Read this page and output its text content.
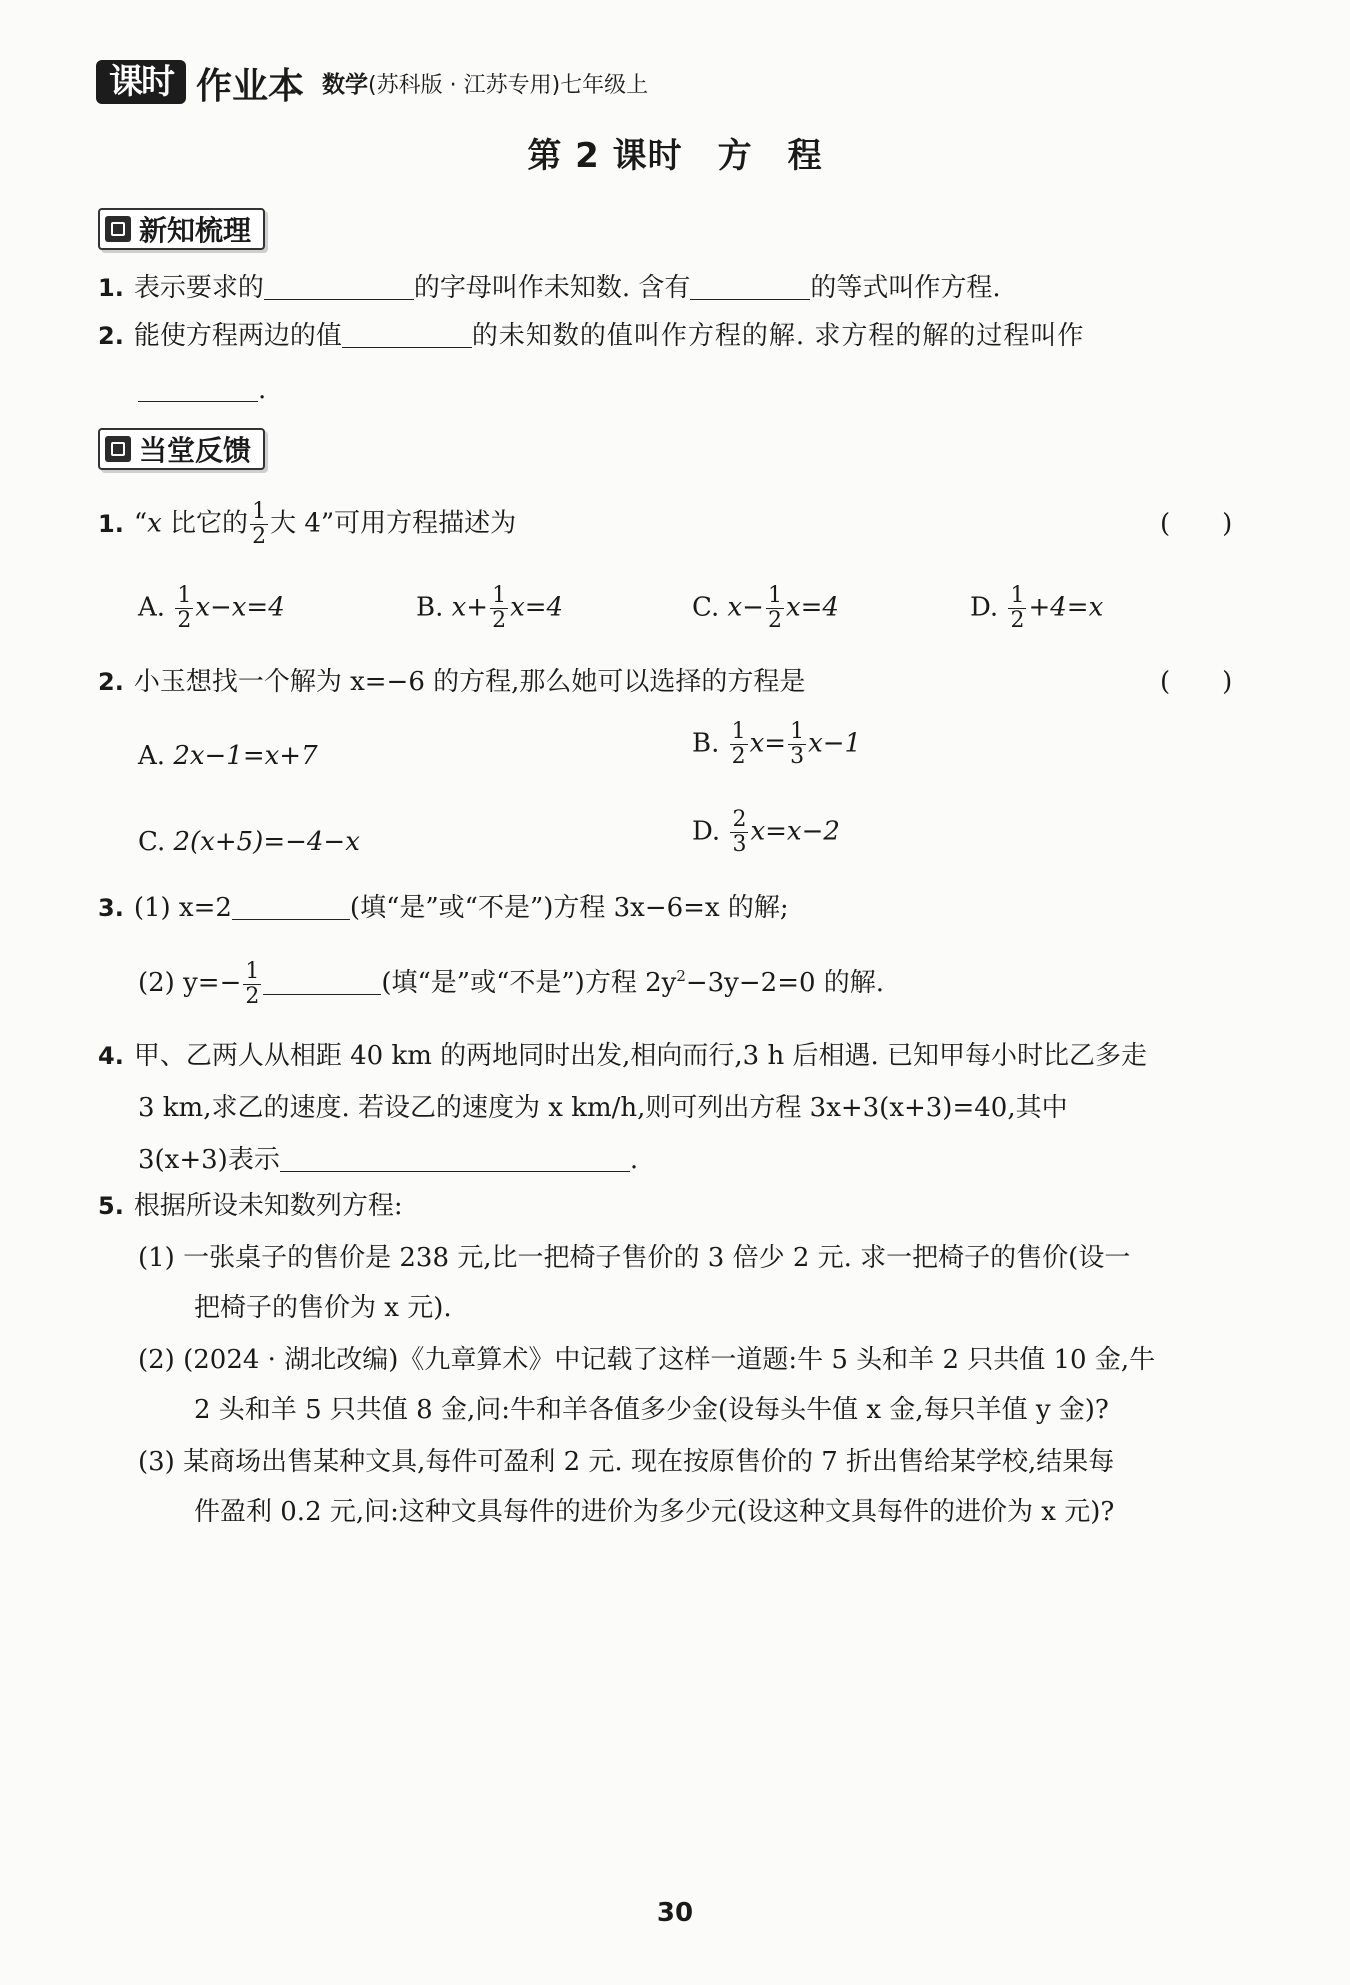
课时 作业本 数学(苏科版 · 江苏专用)七年级上
第 2 课时　方　程
新知梳理
1. 表示要求的	的字母叫作未知数. 含有	的等式叫作方程.
2. 能使方程两边的值	的未知数的值叫作方程的解. 求方程的解的过程叫作
.
当堂反馈
1. “x 比它的 $\frac{1}{2}$ 大 4”可用方程描述为	(　　)
A. $\frac{1}{2} x-x=4$	B. $x+ \frac{1}{2} x=4$	C. $x- \frac{1}{2} x=4$	D. $\frac{1}{2} +4=x$
2. 小玉想找一个解为 x=−6 的方程,那么她可以选择的方程是	(　　)
A. 2x−1=x+7	B. $\frac{1}{2} x= \frac{1}{3} x-1$
C. 2(x+5)=−4−x	D. $\frac{2}{3} x=x-2$
3. (1) x=2	(填“是”或“不是”)方程 3x−6=x 的解;
(2) $y=- \frac{1}{2}$	(填“是”或“不是”)方程 $2y^2-3y-2=0$ 的解.
4. 甲、乙两人从相距 40 km 的两地同时出发,相向而行,3 h 后相遇. 已知甲每小时比乙多走
3 km,求乙的速度. 若设乙的速度为 x km/h,则可列出方程 3x+3(x+3)=40,其中
3(x+3)表示	.
5. 根据所设未知数列方程:
(1) 一张桌子的售价是 238 元,比一把椅子售价的 3 倍少 2 元. 求一把椅子的售价(设一
把椅子的售价为 x 元).
(2) (2024 · 湖北改编)《九章算术》中记载了这样一道题:牛 5 头和羊 2 只共值 10 金,牛
2 头和羊 5 只共值 8 金,问:牛和羊各值多少金(设每头牛值 x 金,每只羊值 y 金)?
(3) 某商场出售某种文具,每件可盈利 2 元. 现在按原售价的 7 折出售给某学校,结果每
件盈利 0.2 元,问:这种文具每件的进价为多少元(设这种文具每件的进价为 x 元)?
30
